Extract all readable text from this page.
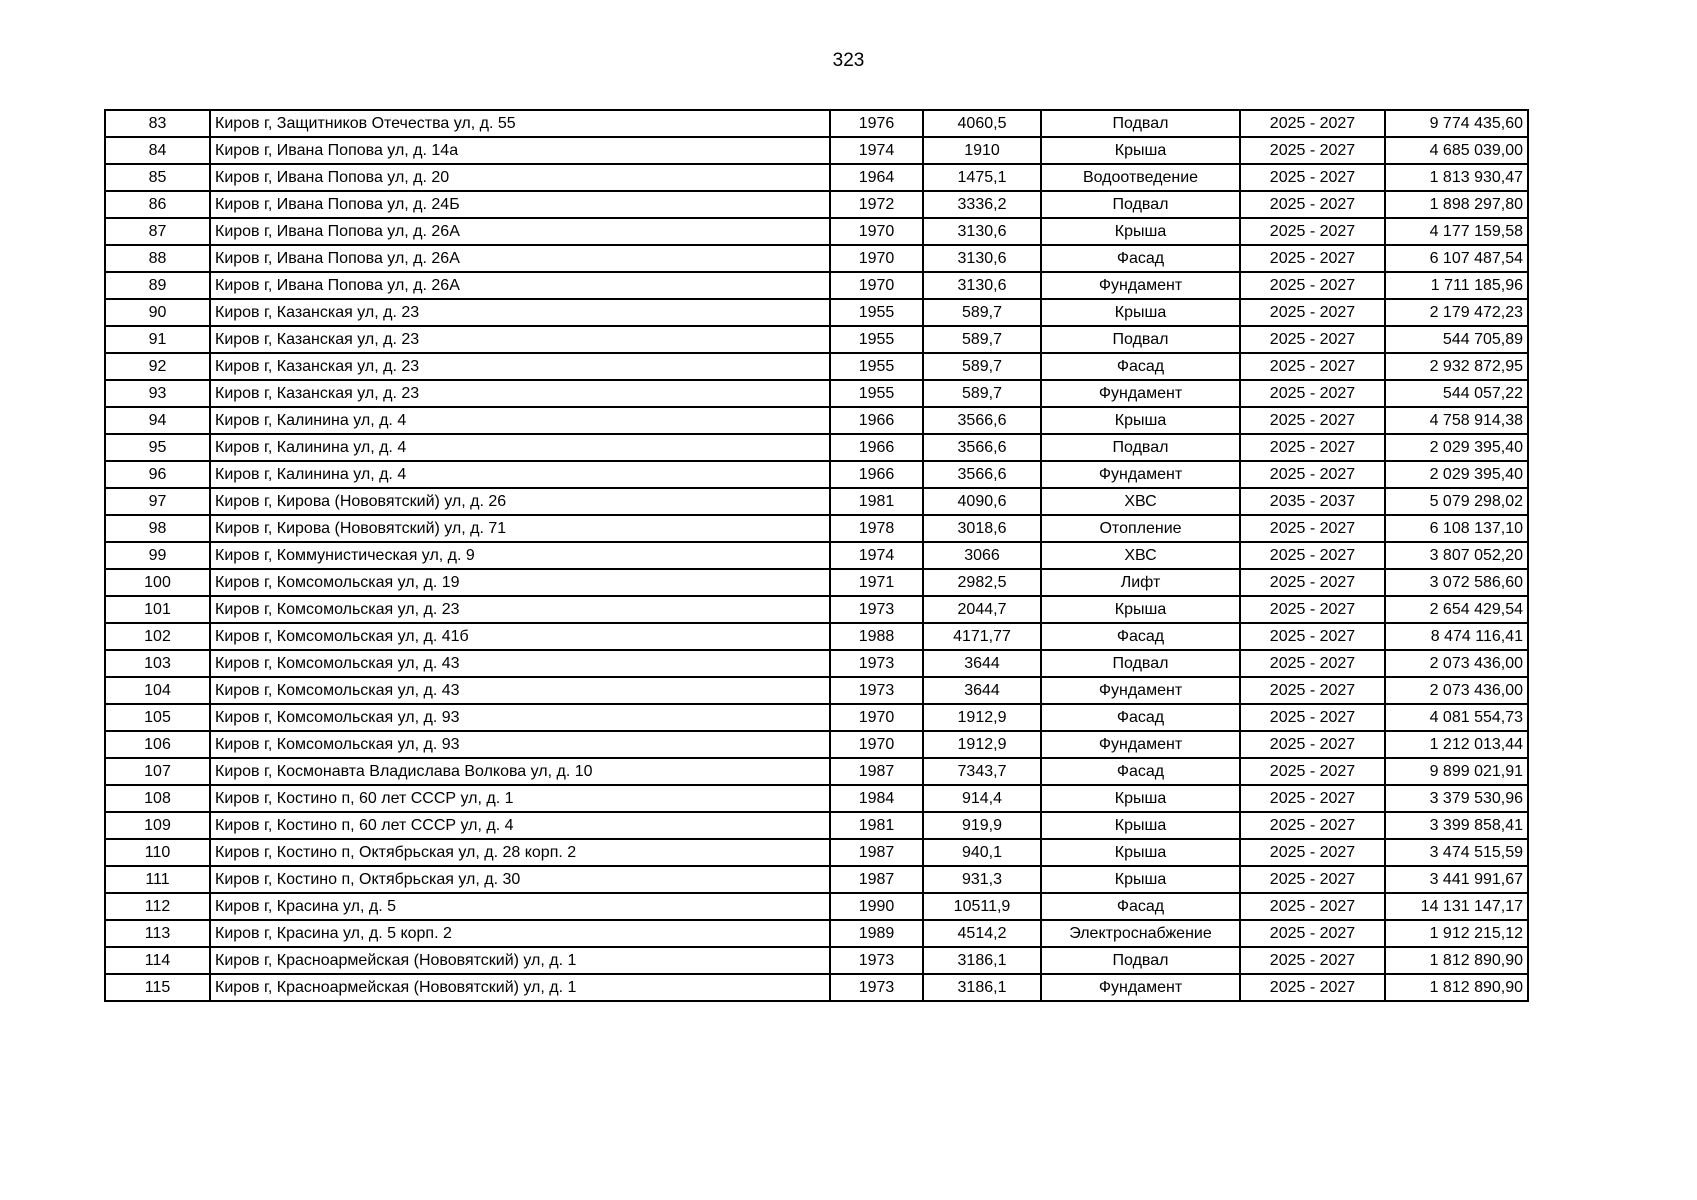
323
83	Киров г, Защитников Отечества ул, д. 55	1976	4060,5	Подвал	2025 - 2027	9 774 435,60
84	Киров г, Ивана Попова ул, д. 14а	1974	1910	Крыша	2025 - 2027	4 685 039,00
85	Киров г, Ивана Попова ул, д. 20	1964	1475,1	Водоотведение	2025 - 2027	1 813 930,47
86	Киров г, Ивана Попова ул, д. 24Б	1972	3336,2	Подвал	2025 - 2027	1 898 297,80
87	Киров г, Ивана Попова ул, д. 26А	1970	3130,6	Крыша	2025 - 2027	4 177 159,58
88	Киров г, Ивана Попова ул, д. 26А	1970	3130,6	Фасад	2025 - 2027	6 107 487,54
89	Киров г, Ивана Попова ул, д. 26А	1970	3130,6	Фундамент	2025 - 2027	1 711 185,96
90	Киров г, Казанская ул, д. 23	1955	589,7	Крыша	2025 - 2027	2 179 472,23
91	Киров г, Казанская ул, д. 23	1955	589,7	Подвал	2025 - 2027	544 705,89
92	Киров г, Казанская ул, д. 23	1955	589,7	Фасад	2025 - 2027	2 932 872,95
93	Киров г, Казанская ул, д. 23	1955	589,7	Фундамент	2025 - 2027	544 057,22
94	Киров г, Калинина ул, д. 4	1966	3566,6	Крыша	2025 - 2027	4 758 914,38
95	Киров г, Калинина ул, д. 4	1966	3566,6	Подвал	2025 - 2027	2 029 395,40
96	Киров г, Калинина ул, д. 4	1966	3566,6	Фундамент	2025 - 2027	2 029 395,40
97	Киров г, Кирова (Нововятский) ул, д. 26	1981	4090,6	ХВС	2035 - 2037	5 079 298,02
98	Киров г, Кирова (Нововятский) ул, д. 71	1978	3018,6	Отопление	2025 - 2027	6 108 137,10
99	Киров г, Коммунистическая ул, д. 9	1974	3066	ХВС	2025 - 2027	3 807 052,20
100	Киров г, Комсомольская ул, д. 19	1971	2982,5	Лифт	2025 - 2027	3 072 586,60
101	Киров г, Комсомольская ул, д. 23	1973	2044,7	Крыша	2025 - 2027	2 654 429,54
102	Киров г, Комсомольская ул, д. 41б	1988	4171,77	Фасад	2025 - 2027	8 474 116,41
103	Киров г, Комсомольская ул, д. 43	1973	3644	Подвал	2025 - 2027	2 073 436,00
104	Киров г, Комсомольская ул, д. 43	1973	3644	Фундамент	2025 - 2027	2 073 436,00
105	Киров г, Комсомольская ул, д. 93	1970	1912,9	Фасад	2025 - 2027	4 081 554,73
106	Киров г, Комсомольская ул, д. 93	1970	1912,9	Фундамент	2025 - 2027	1 212 013,44
107	Киров г, Космонавта Владислава Волкова ул, д. 10	1987	7343,7	Фасад	2025 - 2027	9 899 021,91
108	Киров г, Костино п, 60 лет СССР ул, д. 1	1984	914,4	Крыша	2025 - 2027	3 379 530,96
109	Киров г, Костино п, 60 лет СССР ул, д. 4	1981	919,9	Крыша	2025 - 2027	3 399 858,41
110	Киров г, Костино п, Октябрьская ул, д. 28 корп. 2	1987	940,1	Крыша	2025 - 2027	3 474 515,59
111	Киров г, Костино п, Октябрьская ул, д. 30	1987	931,3	Крыша	2025 - 2027	3 441 991,67
112	Киров г, Красина ул, д. 5	1990	10511,9	Фасад	2025 - 2027	14 131 147,17
113	Киров г, Красина ул, д. 5 корп. 2	1989	4514,2	Электроснабжение	2025 - 2027	1 912 215,12
114	Киров г, Красноармейская (Нововятский) ул, д. 1	1973	3186,1	Подвал	2025 - 2027	1 812 890,90
115	Киров г, Красноармейская (Нововятский) ул, д. 1	1973	3186,1	Фундамент	2025 - 2027	1 812 890,90
